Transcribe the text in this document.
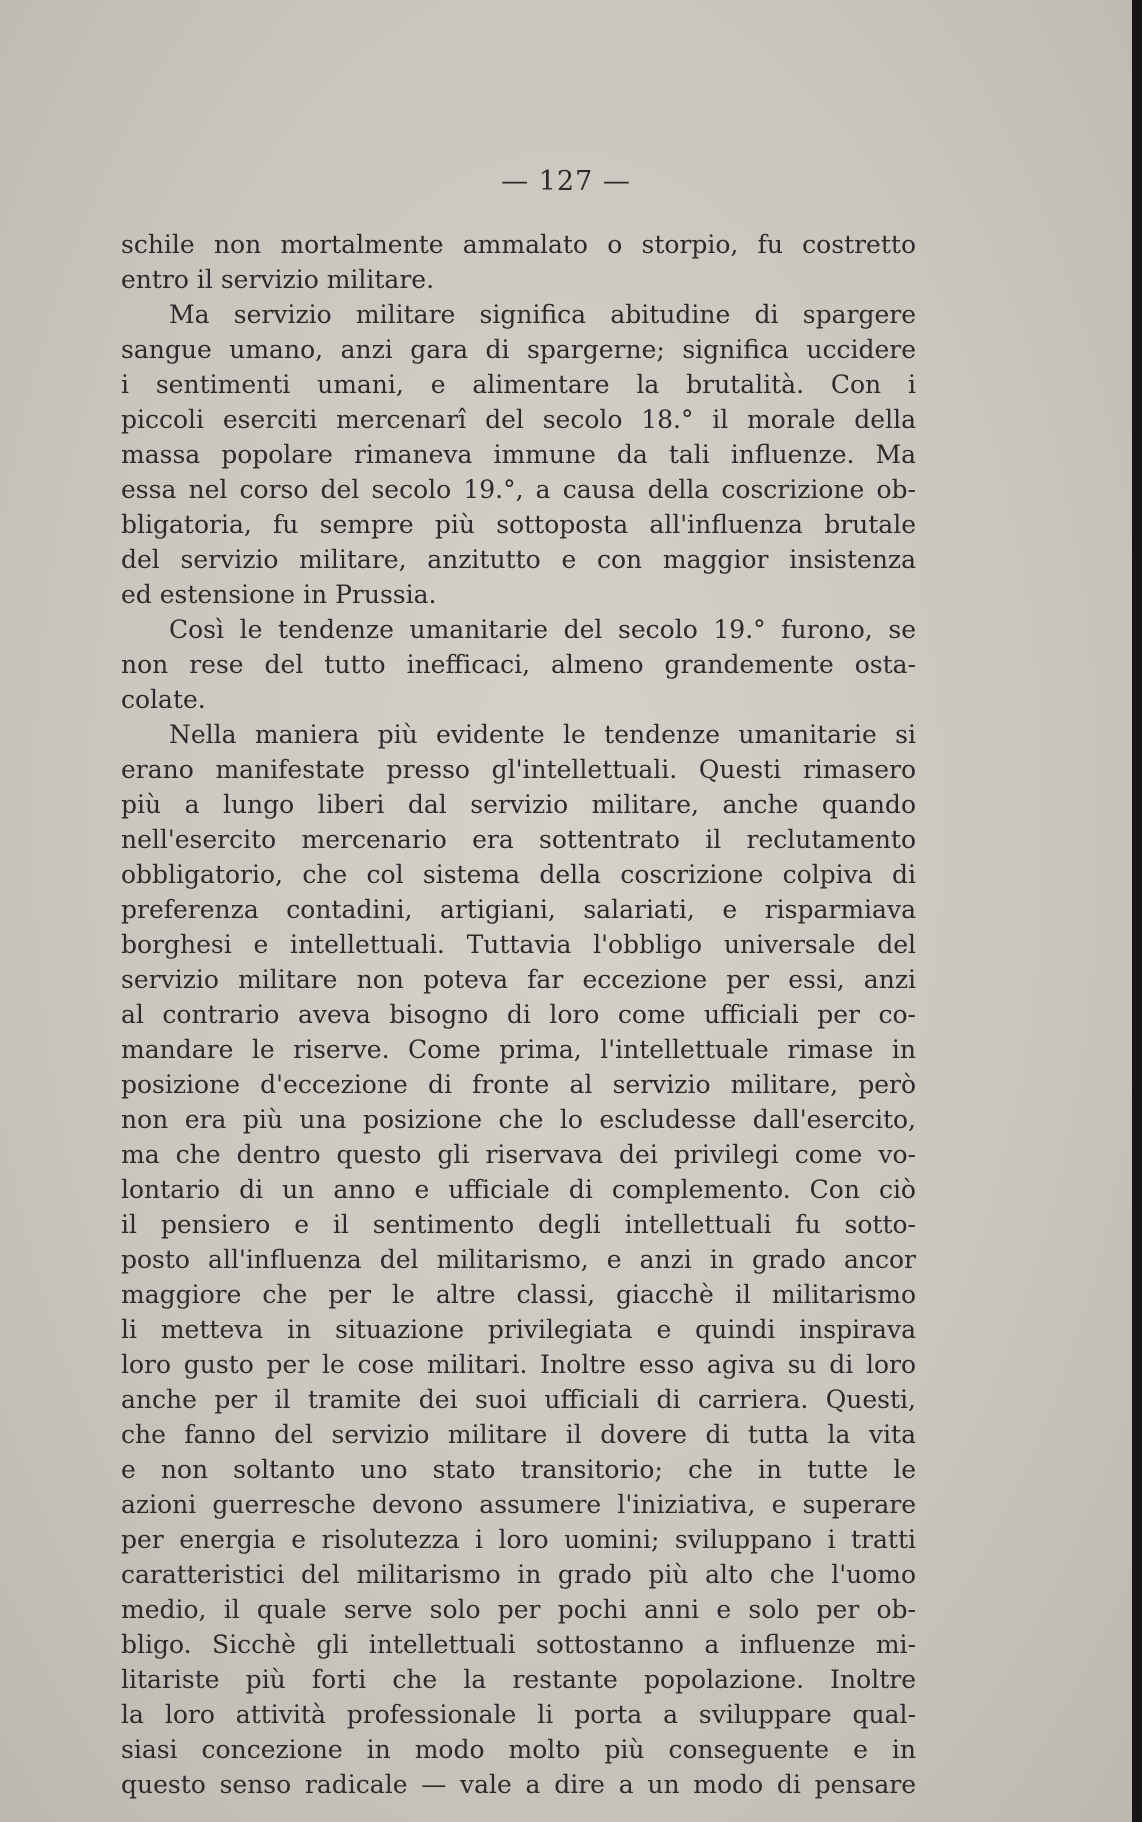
— 127 —
schile non mortalmente ammalato o storpio, fu costretto
entro il servizio militare.
Ma servizio militare significa abitudine di spargere
sangue umano, anzi gara di spargerne; significa uccidere
i sentimenti umani, e alimentare la brutalità. Con i
piccoli eserciti mercenarî del secolo 18.° il morale della
massa popolare rimaneva immune da tali influenze. Ma
essa nel corso del secolo 19.°, a causa della coscrizione ob-
bligatoria, fu sempre più sottoposta all'influenza brutale
del servizio militare, anzitutto e con maggior insistenza
ed estensione in Prussia.
Così le tendenze umanitarie del secolo 19.° furono, se
non rese del tutto inefficaci, almeno grandemente osta-
colate.
Nella maniera più evidente le tendenze umanitarie si
erano manifestate presso gl'intellettuali. Questi rimasero
più a lungo liberi dal servizio militare, anche quando
nell'esercito mercenario era sottentrato il reclutamento
obbligatorio, che col sistema della coscrizione colpiva di
preferenza contadini, artigiani, salariati, e risparmiava
borghesi e intellettuali. Tuttavia l'obbligo universale del
servizio militare non poteva far eccezione per essi, anzi
al contrario aveva bisogno di loro come ufficiali per co-
mandare le riserve. Come prima, l'intellettuale rimase in
posizione d'eccezione di fronte al servizio militare, però
non era più una posizione che lo escludesse dall'esercito,
ma che dentro questo gli riservava dei privilegi come vo-
lontario di un anno e ufficiale di complemento. Con ciò
il pensiero e il sentimento degli intellettuali fu sotto-
posto all'influenza del militarismo, e anzi in grado ancor
maggiore che per le altre classi, giacchè il militarismo
li metteva in situazione privilegiata e quindi inspirava
loro gusto per le cose militari. Inoltre esso agiva su di loro
anche per il tramite dei suoi ufficiali di carriera. Questi,
che fanno del servizio militare il dovere di tutta la vita
e non soltanto uno stato transitorio; che in tutte le
azioni guerresche devono assumere l'iniziativa, e superare
per energia e risolutezza i loro uomini; sviluppano i tratti
caratteristici del militarismo in grado più alto che l'uomo
medio, il quale serve solo per pochi anni e solo per ob-
bligo. Sicchè gli intellettuali sottostanno a influenze mi-
litariste più forti che la restante popolazione. Inoltre
la loro attività professionale li porta a sviluppare qual-
siasi concezione in modo molto più conseguente e in
questo senso radicale — vale a dire a un modo di pensare
